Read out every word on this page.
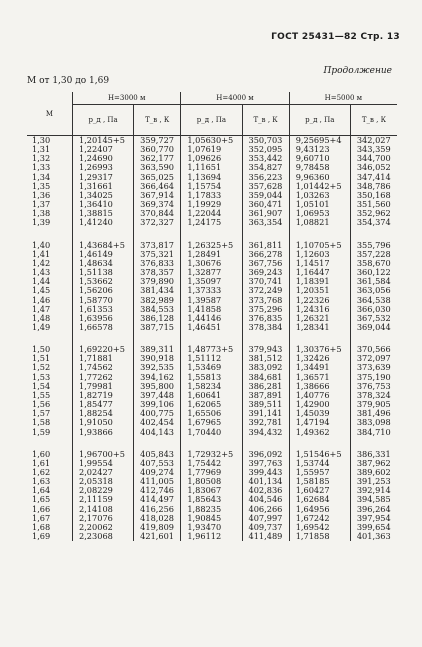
ГОСТ 25431—82 Стр. 13
Продолжение
M от 1,30 до 1,69
M	H=3000 м		H=4000 м		H=5000 м	
	p_д , Па	T_в , К	p_д , Па	T_в , К	p_д , Па	T_в , К
1,30	1,20145+5	359,727	1,05630+5	350,703	9,25695+4	342,027
1,31	1,22407	360,770	1,07619	352,095	9,43123	343,359
1,32	1,24690	362,177	1,09626	353,442	9,60710	344,700
1,33	1,26993	363,590	1,11651	354,827	9,78458	346,052
1,34	1,29317	365,025	1,13694	356,223	9,96360	347,414
1,35	1,31661	366,464	1,15754	357,628	1,01442+5	348,786
1,36	1,34025	367,914	1,17833	359,044	1,03263	350,168
1,37	1,36410	369,374	1,19929	360,471	1,05101	351,560
1,38	1,38815	370,844	1,22044	361,907	1,06953	352,962
1,39	1,41240	372,327	1,24175	363,354	1,08821	354,374

1,40	1,43684+5	373,817	1,26325+5	361,811	1,10705+5	355,796
1,41	1,46149	375,321	1,28491	366,278	1,12603	357,228
1,42	1,48634	376,833	1,30676	367,756	1,14517	358,670
1,43	1,51138	378,357	1,32877	369,243	1,16447	360,122
1,44	1,53662	379,890	1,35097	370,741	1,18391	361,584
1,45	1,56206	381,434	1,37333	372,249	1,20351	363,056
1,46	1,58770	382,989	1,39587	373,768	1,22326	364,538
1,47	1,61353	384,553	1,41858	375,296	1,24316	366,030
1,48	1,63956	386,128	1,44146	376,835	1,26321	367,532
1,49	1,66578	387,715	1,46451	378,384	1,28341	369,044

1,50	1,69220+5	389,311	1,48773+5	379,943	1,30376+5	370,566
1,51	1,71881	390,918	1,51112	381,512	1,32426	372,097
1,52	1,74562	392,535	1,53469	383,092	1,34491	373,639
1,53	1,77262	394,162	1,55813	384,681	1,36571	375,190
1,54	1,79981	395,800	1,58234	386,281	1,38666	376,753
1,55	1,82719	397,448	1,60641	387,891	1,40776	378,324
1,56	1,85477	399,106	1,62065	389,511	1,42900	379,905
1,57	1,88254	400,775	1,65506	391,141	1,45039	381,496
1,58	1,91050	402,454	1,67965	392,781	1,47194	383,098
1,59	1,93866	404,143	1,70440	394,432	1,49362	384,710

1,60	1,96700+5	405,843	1,72932+5	396,092	1,51546+5	386,331
1,61	1,99554	407,553	1,75442	397,763	1,53744	387,962
1,62	2,02427	409,274	1,77969	399,443	1,55957	389,602
1,63	2,05318	411,005	1,80508	401,134	1,58185	391,253
1,64	2,08229	412,746	1,83067	402,836	1,60427	392,914
1,65	2,11159	414,497	1,85643	404,546	1,62684	394,585
1,66	2,14108	416,256	1,88235	406,266	1,64956	396,264
1,67	2,17076	418,028	1,90845	407,997	1,67242	397,954
1,68	2,20062	419,809	1,93470	409,737	1,69542	399,654
1,69	2,23068	421,601	1,96112	411,489	1,71858	401,363
